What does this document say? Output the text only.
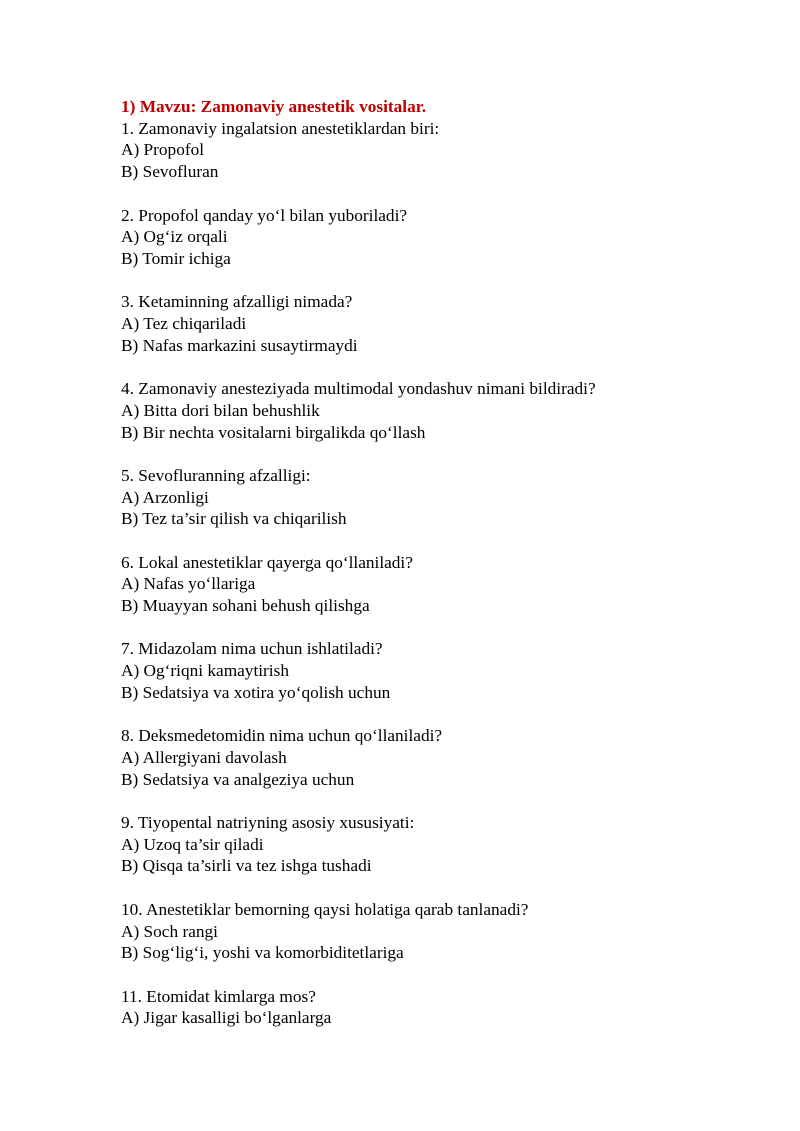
1) Mavzu: Zamonaviy anestetik vositalar.

1. Zamonaviy ingalatsion anestetiklardan biri:

A) Propofol

B) Sevofluran

2. Propofol qanday yo‘l bilan yuboriladi?

A) Og‘iz orqali

B) Tomir ichiga

3. Ketaminning afzalligi nimada?

A) Tez chiqariladi

B) Nafas markazini susaytirmaydi

4. Zamonaviy anesteziyada multimodal yondashuv nimani bildiradi?

A) Bitta dori bilan behushlik

B) Bir nechta vositalarni birgalikda qo‘llash

5. Sevofluranning afzalligi:

A) Arzonligi

B) Tez ta’sir qilish va chiqarilish

6. Lokal anestetiklar qayerga qo‘llaniladi?

A) Nafas yo‘llariga

B) Muayyan sohani behush qilishga

7. Midazolam nima uchun ishlatiladi?

A) Og‘riqni kamaytirish

B) Sedatsiya va xotira yo‘qolish uchun

8. Deksmedetomidin nima uchun qo‘llaniladi?

A) Allergiyani davolash

B) Sedatsiya va analgeziya uchun

9. Tiyopental natriyning asosiy xususiyati:

A) Uzoq ta’sir qiladi

B) Qisqa ta’sirli va tez ishga tushadi

10. Anestetiklar bemorning qaysi holatiga qarab tanlanadi?

A) Soch rangi

B) Sog‘lig‘i, yoshi va komorbiditetlariga

11. Etomidat kimlarga mos?

A) Jigar kasalligi bo‘lganlarga
